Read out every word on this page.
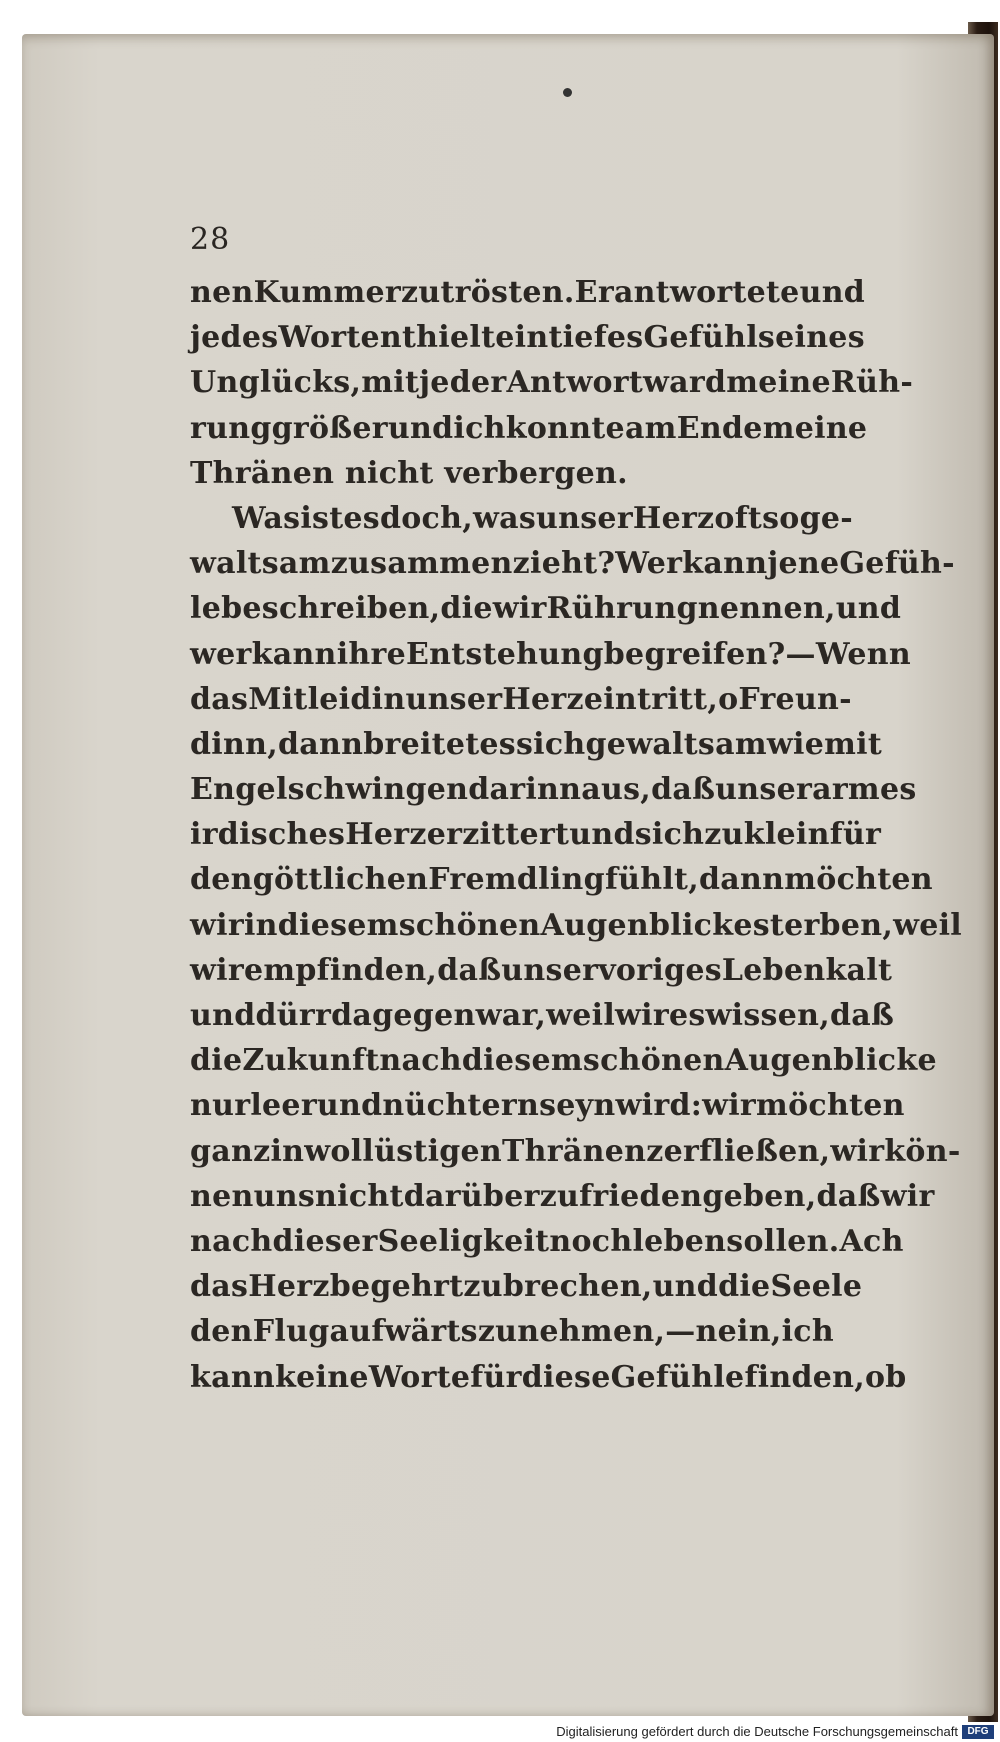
28
nen Kummer zu trösten. Er antwortete und
jedes Wort enthielt ein tiefes Gefühl seines
Unglücks, mit jeder Antwort ward meine Rüh-
rung größer und ich konnte am Ende meine
Thränen nicht verbergen.
Was ist es doch, was unser Herz oft so ge-
waltsam zusammenzieht? Wer kann jene Gefüh-
le beschreiben, die wir Rührung nennen, und
wer kann ihre Entstehung begreifen? — Wenn
das Mitleid in unser Herz eintritt, o Freun-
dinn, dann breitet es sich gewaltsam wie mit
Engelschwingen darinn aus, daß unser armes
irdisches Herz erzittert und sich zu klein für
den göttlichen Fremdling fühlt, dann möchten
wir in diesem schönen Augenblicke sterben, weil
wir empfinden, daß unser voriges Leben kalt
und dürr dagegen war, weil wir es wissen, daß
die Zukunft nach diesem schönen Augenblicke
nur leer und nüchtern seyn wird: wir möchten
ganz in wollüstigen Thränen zerfließen, wir kön-
nen uns nicht darüber zufrieden geben, daß wir
nach dieser Seeligkeit noch leben sollen. Ach
das Herz begehrt zu brechen, und die Seele
den Flug aufwärts zu nehmen, — nein, ich
kann keine Worte für diese Gefühle finden, ob
Digitalisierung gefördert durch die Deutsche Forschungsgemeinschaft DFG
